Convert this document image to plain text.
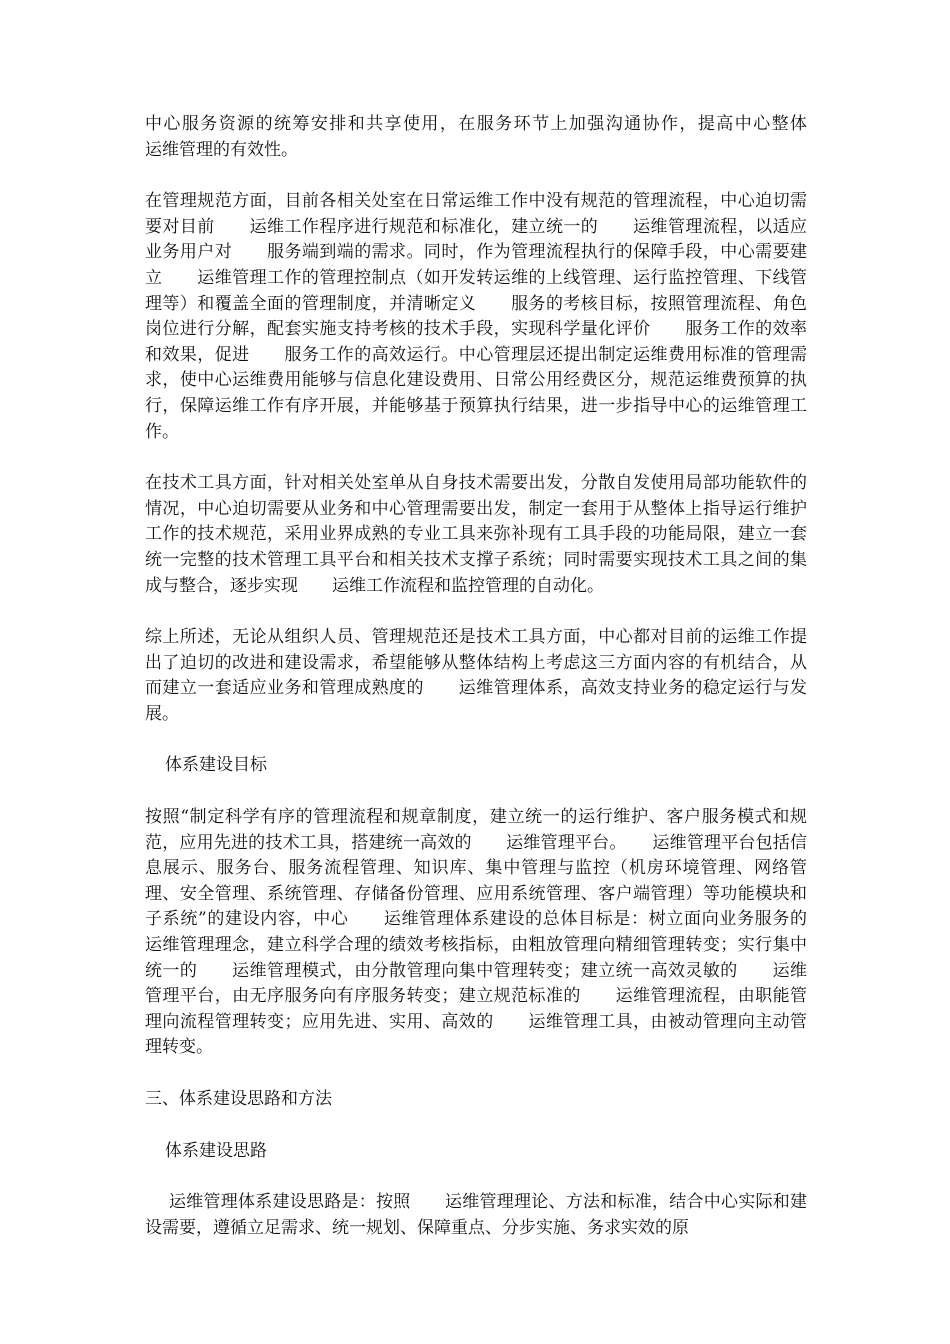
中心服务资源的统筹安排和共享使用，在服务环节上加强沟通协作，提高中心整体　　运维管理的有效性。

在管理规范方面，目前各相关处室在日常运维工作中没有规范的管理流程，中心迫切需要对目前　　运维工作程序进行规范和标准化，建立统一的　　运维管理流程，以适应业务用户对　　服务端到端的需求。同时，作为管理流程执行的保障手段，中心需要建立　　运维管理工作的管理控制点（如开发转运维的上线管理、运行监控管理、下线管理等）和覆盖全面的管理制度，并清晰定义　　服务的考核目标，按照管理流程、角色岗位进行分解，配套实施支持考核的技术手段，实现科学量化评价　　服务工作的效率和效果，促进　　服务工作的高效运行。中心管理层还提出制定运维费用标准的管理需求，使中心运维费用能够与信息化建设费用、日常公用经费区分，规范运维费预算的执行，保障运维工作有序开展，并能够基于预算执行结果，进一步指导中心的运维管理工作。

在技术工具方面，针对相关处室单从自身技术需要出发，分散自发使用局部功能软件的情况，中心迫切需要从业务和中心管理需要出发，制定一套用于从整体上指导运行维护工作的技术规范，采用业界成熟的专业工具来弥补现有工具手段的功能局限，建立一套统一完整的技术管理工具平台和相关技术支撑子系统；同时需要实现技术工具之间的集成与整合，逐步实现　　运维工作流程和监控管理的自动化。

综上所述，无论从组织人员、管理规范还是技术工具方面，中心都对目前的运维工作提出了迫切的改进和建设需求，希望能够从整体结构上考虑这三方面内容的有机结合，从而建立一套适应业务和管理成熟度的　　运维管理体系，高效支持业务的稳定运行与发展。

体系建设目标

按照“制定科学有序的管理流程和规章制度，建立统一的运行维护、客户服务模式和规范，应用先进的技术工具，搭建统一高效的　　运维管理平台。　　运维管理平台包括信息展示、服务台、服务流程管理、知识库、集中管理与监控（机房环境管理、网络管理、安全管理、系统管理、存储备份管理、应用系统管理、客户端管理）等功能模块和子系统”的建设内容，中心　　运维管理体系建设的总体目标是：树立面向业务服务的　　运维管理理念，建立科学合理的绩效考核指标，由粗放管理向精细管理转变；实行集中统一的　　运维管理模式，由分散管理向集中管理转变；建立统一高效灵敏的　　运维管理平台，由无序服务向有序服务转变；建立规范标准的　　运维管理流程，由职能管理向流程管理转变；应用先进、实用、高效的　　运维管理工具，由被动管理向主动管理转变。

三、体系建设思路和方法
体系建设思路

运维管理体系建设思路是：按照　　运维管理理论、方法和标准，结合中心实际和建设需要，遵循立足需求、统一规划、保障重点、分步实施、务求实效的原
